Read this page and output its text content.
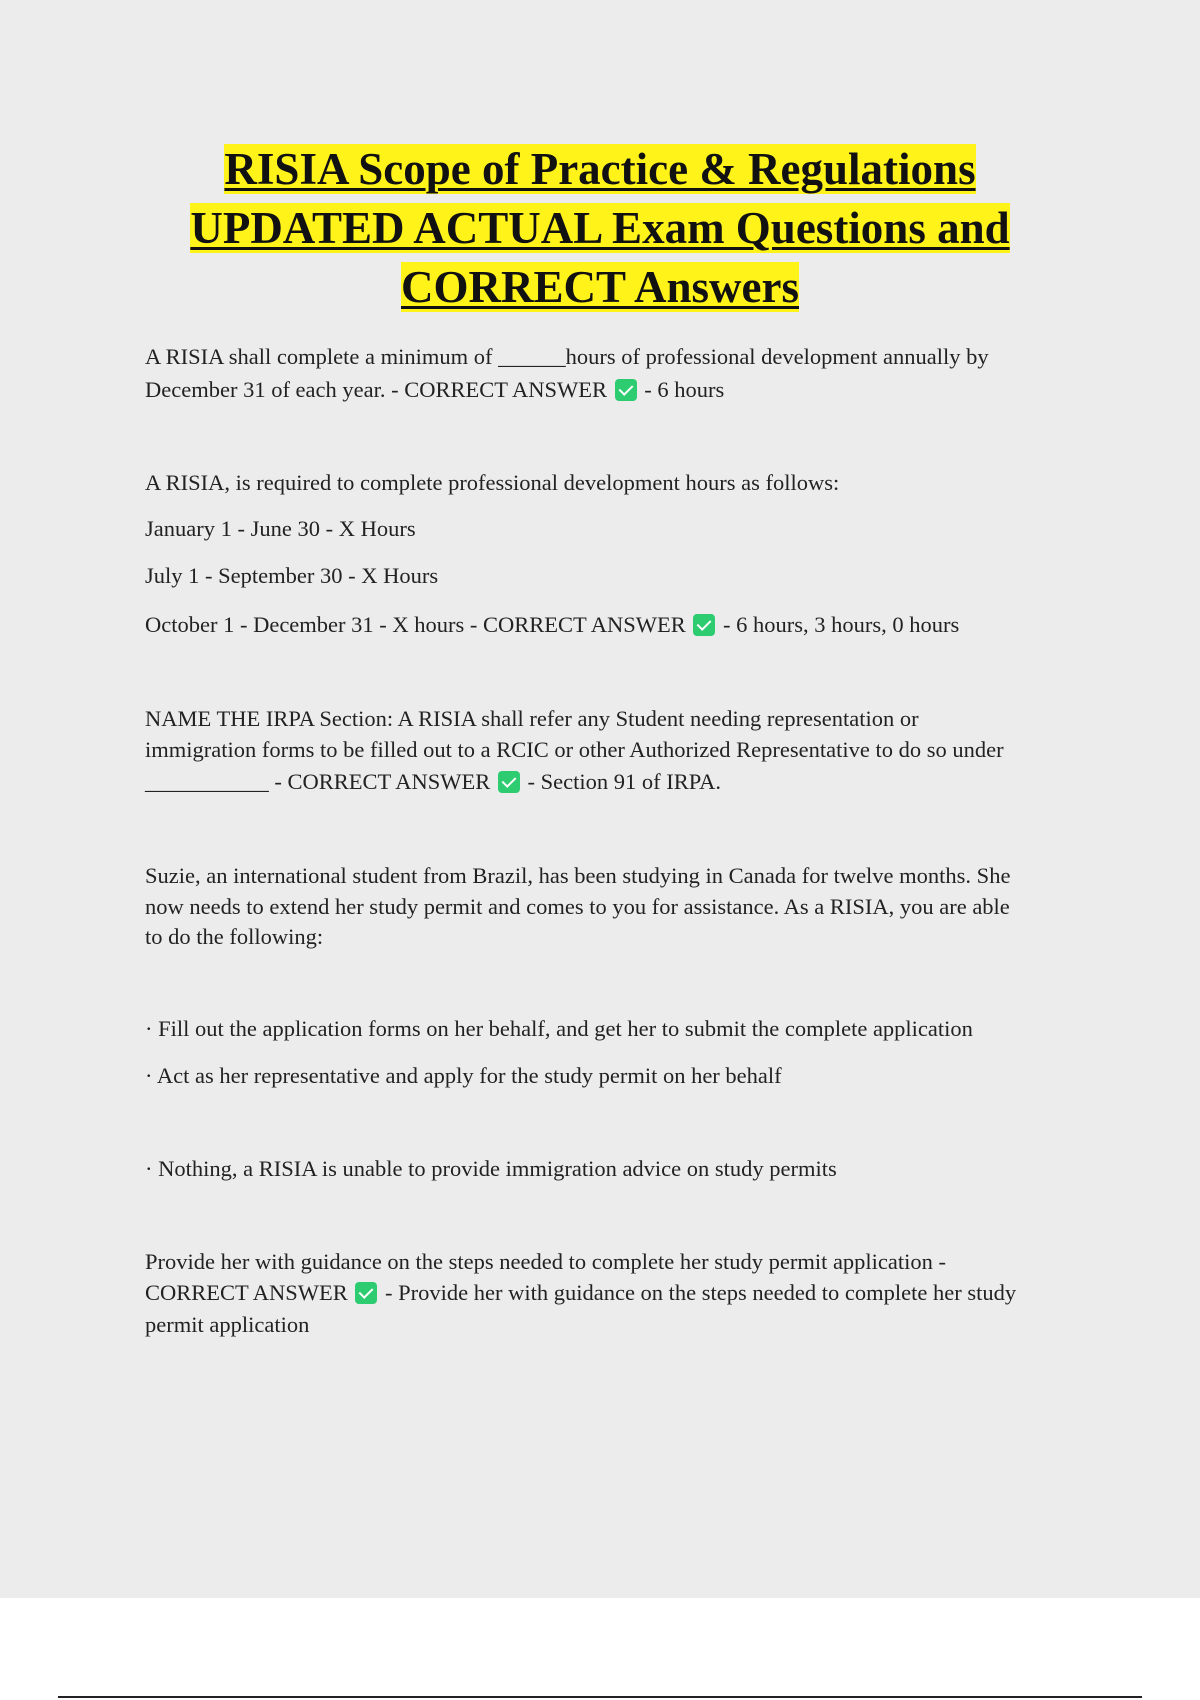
RISIA Scope of Practice & Regulations
UPDATED ACTUAL Exam Questions and
CORRECT Answers

A RISIA shall complete a minimum of ______hours of professional development annually by

December 31 of each year. - CORRECT ANSWER - 6 hours

A RISIA, is required to complete professional development hours as follows:

January 1 - June 30 - X Hours

July 1 - September 30 - X Hours

October 1 - December 31 - X hours - CORRECT ANSWER - 6 hours, 3 hours, 0 hours

NAME THE IRPA Section: A RISIA shall refer any Student needing representation or

immigration forms to be filled out to a RCIC or other Authorized Representative to do so under

___________ - CORRECT ANSWER - Section 91 of IRPA.

Suzie, an international student from Brazil, has been studying in Canada for twelve months. She

now needs to extend her study permit and comes to you for assistance. As a RISIA, you are able

to do the following:

· Fill out the application forms on her behalf, and get her to submit the complete application

· Act as her representative and apply for the study permit on her behalf

· Nothing, a RISIA is unable to provide immigration advice on study permits

Provide her with guidance on the steps needed to complete her study permit application -

CORRECT ANSWER - Provide her with guidance on the steps needed to complete her study

permit application
